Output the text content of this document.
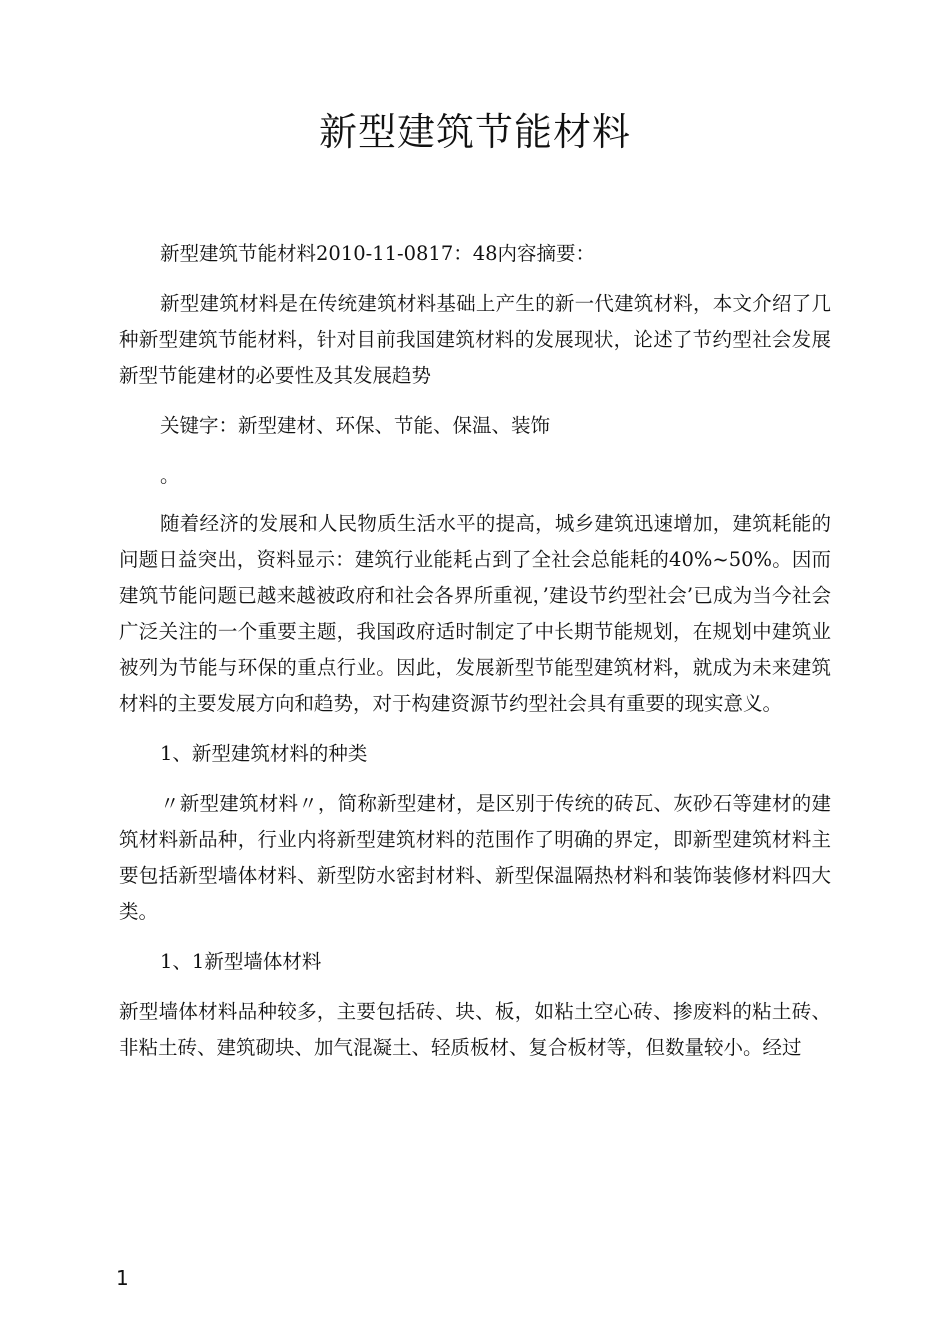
新型建筑节能材料

新型建筑节能材料2010-11-0817：48内容摘要：

新型建筑材料是在传统建筑材料基础上产生的新一代建筑材料，本文介绍了几种新型建筑节能材料，针对目前我国建筑材料的发展现状，论述了节约型社会发展新型节能建材的必要性及其发展趋势

关键字：新型建材、环保、节能、保温、装饰

。

随着经济的发展和人民物质生活水平的提高，城乡建筑迅速增加，建筑耗能的问题日益突出，资料显示：建筑行业能耗占到了全社会总能耗的40%~50%。因而建筑节能问题已越来越被政府和社会各界所重视，’建设节约型社会’已成为当今社会广泛关注的一个重要主题，我国政府适时制定了中长期节能规划，在规划中建筑业被列为节能与环保的重点行业。因此，发展新型节能型建筑材料，就成为未来建筑材料的主要发展方向和趋势，对于构建资源节约型社会具有重要的现实意义。

1、新型建筑材料的种类

〃新型建筑材料〃，简称新型建材，是区别于传统的砖瓦、灰砂石等建材的建筑材料新品种，行业内将新型建筑材料的范围作了明确的界定，即新型建筑材料主要包括新型墙体材料、新型防水密封材料、新型保温隔热材料和装饰装修材料四大类。

1、1新型墙体材料

新型墙体材料品种较多，主要包括砖、块、板，如粘土空心砖、掺废料的粘土砖、非粘土砖、建筑砌块、加气混凝土、轻质板材、复合板材等，但数量较小。经过

1
